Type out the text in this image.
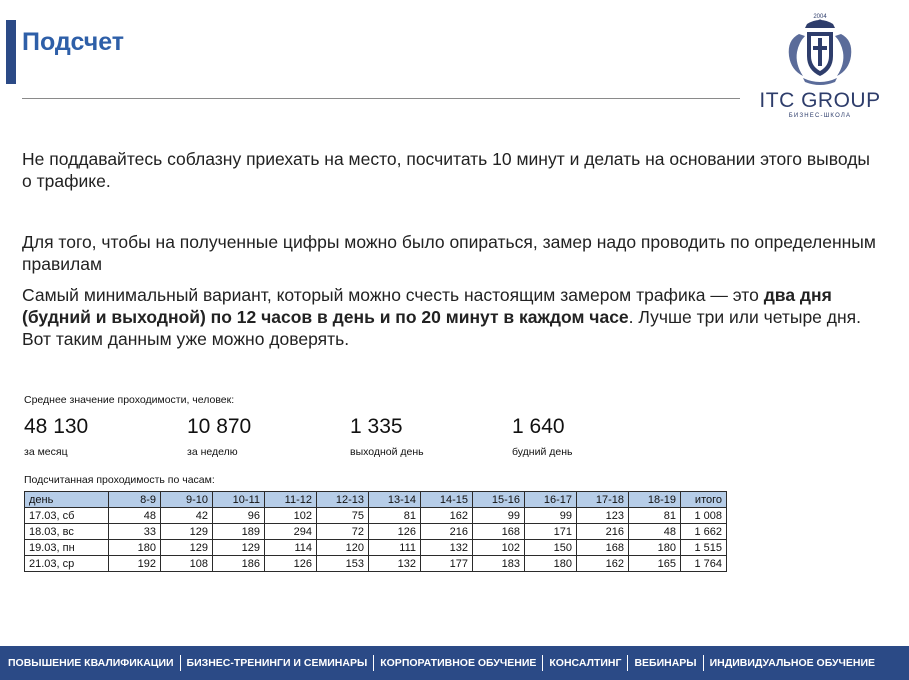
Подсчет
2004
ITC GROUP
БИЗНЕС-ШКОЛА
Не поддавайтесь соблазну приехать на место, посчитать 10 минут и делать на основании этого выводы о трафике.
Для того, чтобы на полученные цифры можно было опираться, замер надо проводить по определенным правилам
Самый минимальный вариант, который можно счесть настоящим замером трафика — это два дня (будний и выходной) по 12 часов в день и по 20 минут в каждом часе. Лучше три или четыре дня. Вот таким данным уже можно доверять.
Среднее значение проходимости, человек:
48 130
за месяц
10 870
за неделю
1 335
выходной день
1 640
будний день
Подсчитанная проходимость по часам:
день	8-9	9-10	10-11	11-12	12-13	13-14	14-15	15-16	16-17	17-18	18-19	итого
17.03, сб	48	42	96	102	75	81	162	99	99	123	81	1 008
18.03, вс	33	129	189	294	72	126	216	168	171	216	48	1 662
19.03, пн	180	129	129	114	120	111	132	102	150	168	180	1 515
21.03, ср	192	108	186	126	153	132	177	183	180	162	165	1 764
ПОВЫШЕНИЕ КВАЛИФИКАЦИИ БИЗНЕС-ТРЕНИНГИ И СЕМИНАРЫ КОРПОРАТИВНОЕ ОБУЧЕНИЕ КОНСАЛТИНГ ВЕБИНАРЫ ИНДИВИДУАЛЬНОЕ ОБУЧЕНИЕ
